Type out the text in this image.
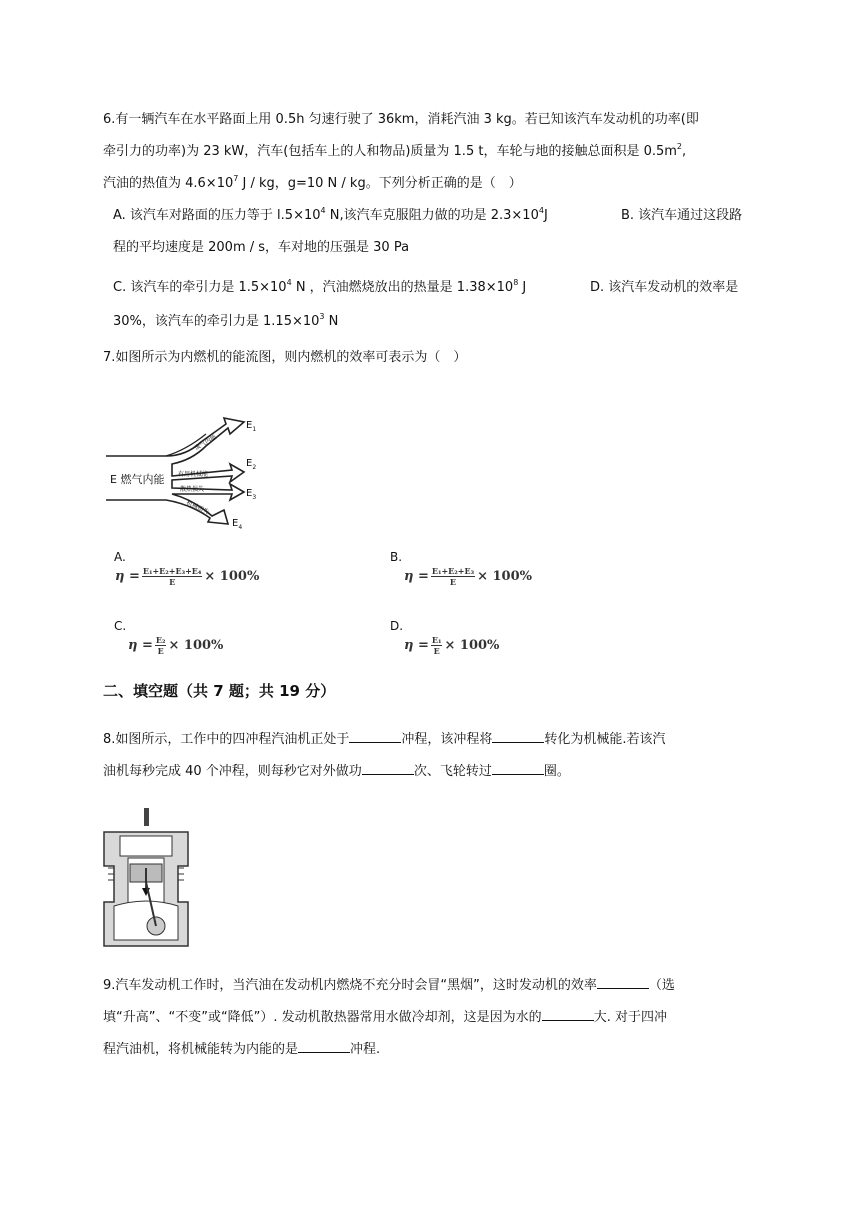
6.有一辆汽车在水平路面上用 0.5h 匀速行驶了 36km，消耗汽油 3 kg。若已知该汽车发动机的功率(即
牵引力的功率)为 23 kW，汽车(包括车上的人和物品)质量为 1.5 t，车轮与地的接触总面积是 $0.5m^2$,
汽油的热值为 $4.6\times 10^7$ J / kg，g=10 N / kg。下列分析正确的是（　）
A. 该汽车对路面的压力等于 $l.5\times 10^4$ N,该汽车克服阻力做的功是 $2.3\times 10^4J$	B. 该汽车通过这段路
程的平均速度是 200m / s，车对地的压强是 30 Pa
C. 该汽车的牵引力是 $1.5\times 10^4$ N ，汽油燃烧放出的热量是 $1.38\times 10^8$ J	D. 该汽车发动机的效率是
30%，该汽车的牵引力是 $1.15\times 10^3$ N
7.如图所示为内燃机的能流图，则内燃机的效率可表示为（　）
E 燃气内能
废气内能
有用机械能
散热损失
机械损失
$E_1$
$E_2$
$E_3$
$E_4$
A.
$\eta = \frac{\text{E₁+E₂+E₃+E₄}}{E} \times 100\%$
B.
$\eta = \frac{\text{E₁+E₂+E₃}}{E} \times 100\%$
C.
$\eta = \frac{\text{E₂}}{E} \times 100\%$
D.
$\eta = \frac{\text{E₁}}{E} \times 100\%$
二、填空题（共 7 题；共 19 分）
8.如图所示，工作中的四冲程汽油机正处于	冲程，该冲程将	转化为机械能.若该汽
油机每秒完成 40 个冲程，则每秒它对外做功	次、飞轮转过	圈。
9.汽车发动机工作时，当汽油在发动机内燃烧不充分时会冒“黑烟”，这时发动机的效率	（选
填“升高”、“不变”或“降低”）. 发动机散热器常用水做冷却剂，这是因为水的	大. 对于四冲
程汽油机，将机械能转为内能的是	冲程.
